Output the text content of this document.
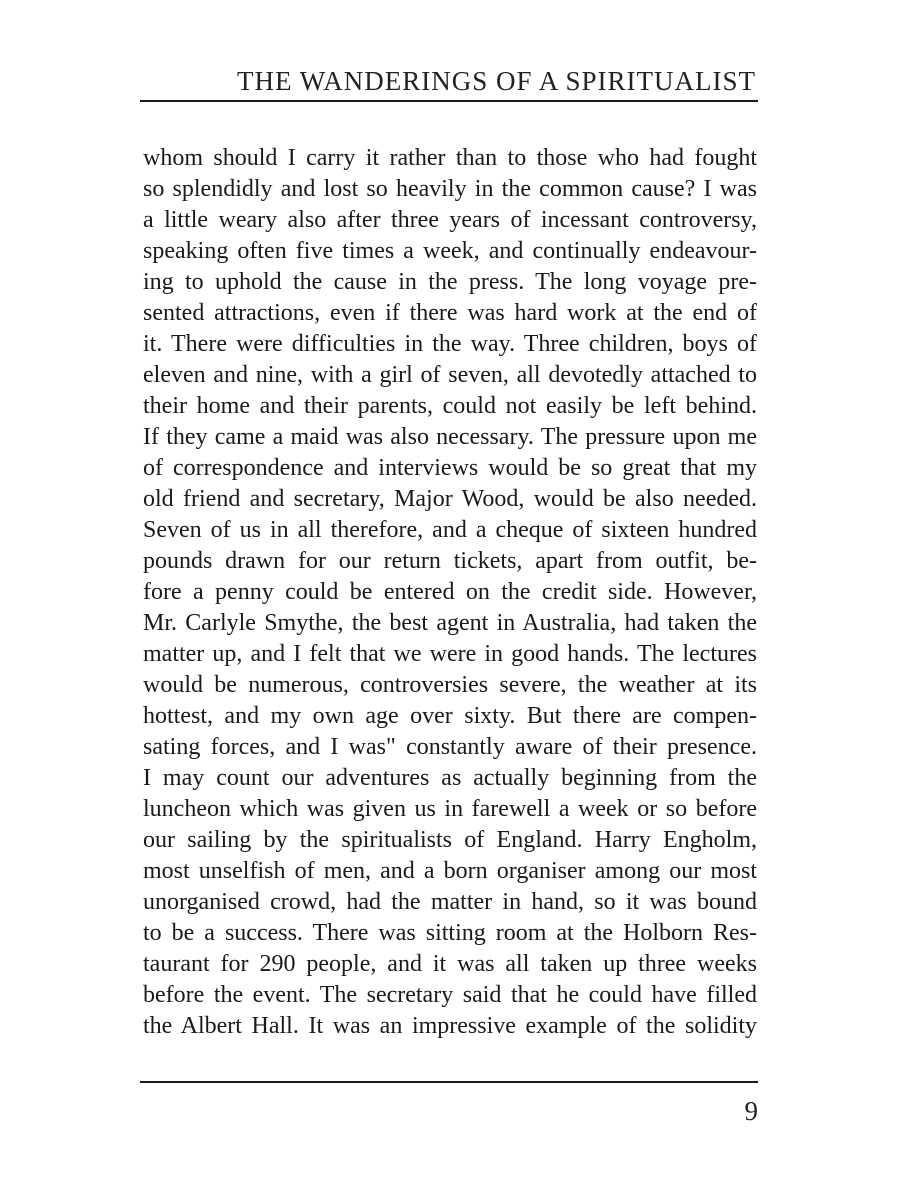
THE WANDERINGS OF A SPIRITUALIST
whom should I carry it rather than to those who had fought
so splendidly and lost so heavily in the common cause? I was
a little weary also after three years of incessant controversy,
speaking often five times a week, and continually endeavour-
ing to uphold the cause in the press. The long voyage pre-
sented attractions, even if there was hard work at the end of
it. There were difficulties in the way. Three children, boys of
eleven and nine, with a girl of seven, all devotedly attached to
their home and their parents, could not easily be left behind.
If they came a maid was also necessary. The pressure upon me
of correspondence and interviews would be so great that my
old friend and secretary, Major Wood, would be also needed.
Seven of us in all therefore, and a cheque of sixteen hundred
pounds drawn for our return tickets, apart from outfit, be-
fore a penny could be entered on the credit side. However,
Mr. Carlyle Smythe, the best agent in Australia, had taken the
matter up, and I felt that we were in good hands. The lectures
would be numerous, controversies severe, the weather at its
hottest, and my own age over sixty. But there are compen-
sating forces, and I was" constantly aware of their presence.
I may count our adventures as actually beginning from the
luncheon which was given us in farewell a week or so before
our sailing by the spiritualists of England. Harry Engholm,
most unselfish of men, and a born organiser among our most
unorganised crowd, had the matter in hand, so it was bound
to be a success. There was sitting room at the Holborn Res-
taurant for 290 people, and it was all taken up three weeks
before the event. The secretary said that he could have filled
the Albert Hall. It was an impressive example of the solidity
9
